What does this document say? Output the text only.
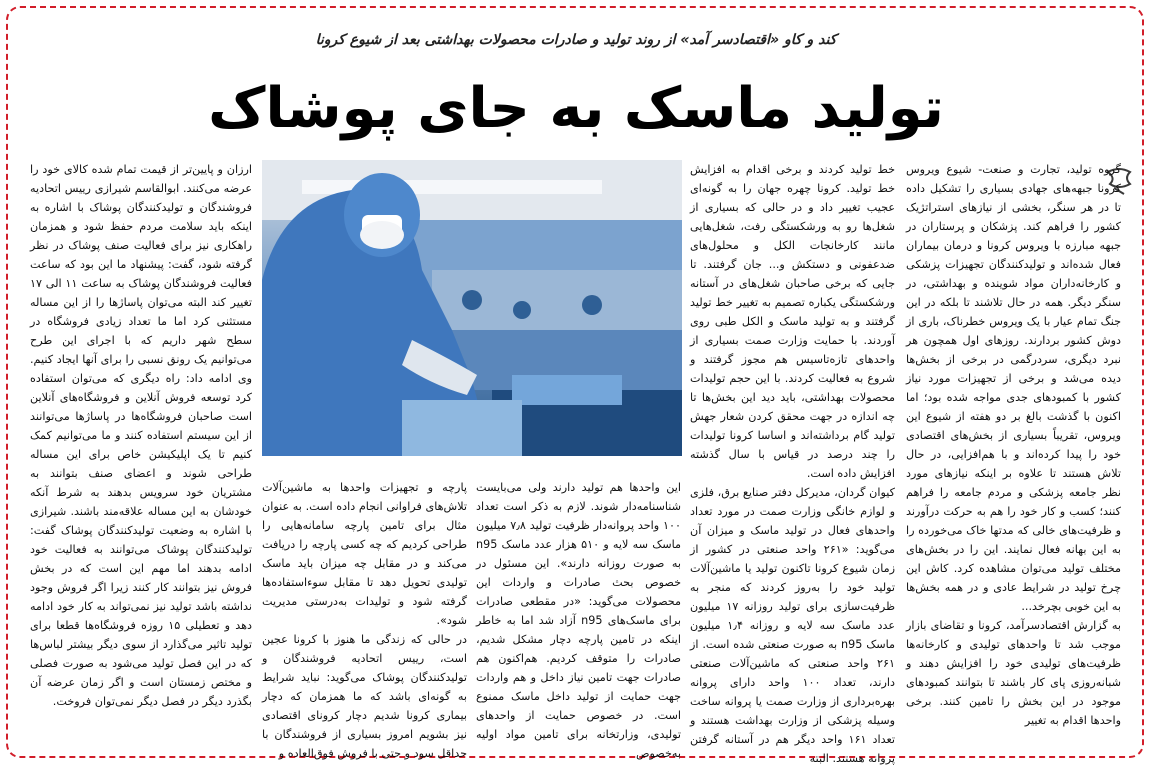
کند و کاو «اقتصادسر آمد» از روند تولید و صادرات محصولات بهداشتی بعد از شیوع کرونا
تولید ماسک به جای پوشاک

گروه تولید، تجارت و صنعت- شیوع ویروس کرونا جبهه‌های جهادی بسیاری را تشکیل داده تا در هر سنگر، بخشی از نیازهای استراتژیک کشور را فراهم کند. پزشکان و پرستاران در جبهه مبارزه با ویروس کرونا و درمان بیماران فعال شده‌اند و تولیدکنندگان تجهیزات پزشکی و کارخانه‌داران مواد شوینده و بهداشتی، در سنگر دیگر. همه در حال تلاشند تا بلکه در این جنگ تمام عیار با یک ویروس خطرناک، باری از دوش کشور بردارند. روزهای اول همچون هر نبرد دیگری، سردرگمی در برخی از بخش‌ها دیده می‌شد و برخی از تجهیزات مورد نیاز کشور با کمبودهای جدی مواجه شده بود؛ اما اکنون با گذشت بالغ بر دو هفته از شیوع این ویروس، تقریباً بسیاری از بخش‌های اقتصادی خود را پیدا کرده‌اند و با هم‌افزایی، در حال تلاش هستند تا علاوه بر اینکه نیازهای مورد نظر جامعه پزشکی و مردم جامعه را فراهم کنند؛ کسب و کار خود را هم به حرکت درآورند و ظرفیت‌های خالی که مدتها خاک می‌خورده را به این بهانه فعال نمایند. این را در بخش‌های مختلف تولید می‌توان مشاهده کرد. کاش این چرخ تولید در شرایط عادی و در همه بخش‌ها به این خوبی بچرخد...
به گزارش اقتصادسرآمد، کرونا و تقاضای بازار موجب شد تا واحدهای تولیدی و کارخانه‌ها ظرفیت‌های تولیدی خود را افزایش دهند و شبانه‌روزی پای کار باشند تا بتوانند کمبودهای موجود در این بخش را تامین کنند. برخی واحدها اقدام به تغییر

خط تولید کردند و برخی اقدام به افزایش خط تولید. کرونا چهره جهان را به گونه‌ای عجیب تغییر داد و در حالی که بسیاری از شغل‌ها رو به ورشکستگی رفت، شغل‌هایی مانند کارخانجات الکل و محلول‌های ضدعفونی و دستکش و... جان گرفتند. تا جایی که برخی صاحبان شغل‌های در آستانه ورشکستگی یکباره تصمیم به تغییر خط تولید گرفتند و به تولید ماسک و الکل طبی روی آوردند. با حمایت وزارت صمت بسیاری از واحدهای تازه‌تاسیس هم مجوز گرفتند و شروع به فعالیت کردند. با این حجم تولیدات محصولات بهداشتی، باید دید این بخش‌ها تا چه اندازه در جهت محقق کردن شعار جهش تولید گام برداشته‌اند و اساسا کرونا تولیدات را چند درصد در قیاس با سال گذشته افزایش داده است.
کیوان گردان، مدیرکل دفتر صنایع برق، فلزی و لوازم خانگی وزارت صمت در مورد تعداد واحدهای فعال در تولید ماسک و میزان آن می‌گوید: «۲۶۱ واحد صنعتی در کشور از زمان شیوع کرونا تاکنون تولید یا ماشین‌آلات تولید خود را به‌روز کردند که منجر به ظرفیت‌سازی برای تولید روزانه ۱۷ میلیون عدد ماسک سه لایه و روزانه ۱٫۴ میلیون ماسک n95 به صورت صنعتی شده است. از ۲۶۱ واحد صنعتی که ماشین‌آلات صنعتی دارند، تعداد ۱۰۰ واحد دارای پروانه بهره‌برداری از وزارت صمت یا پروانه ساخت وسیله پزشکی از وزارت بهداشت هستند و تعداد ۱۶۱ واحد دیگر هم در آستانه گرفتن پروانه هستند. البته

این واحدها هم تولید دارند ولی می‌بایست شناسنامه‌دار شوند. لازم به ذکر است تعداد ۱۰۰ واحد پروانه‌دار ظرفیت تولید ۷٫۸ میلیون ماسک سه لایه و ۵۱۰ هزار عدد ماسک n95 به صورت روزانه دارند». این مسئول در خصوص بحث صادرات و واردات این محصولات می‌گوید: «در مقطعی صادرات برای ماسک‌های n95 آزاد شد اما به خاطر اینکه در تامین پارچه دچار مشکل شدیم، صادرات را متوقف کردیم. هم‌اکنون هم صادرات جهت تامین نیاز داخل و هم واردات جهت حمایت از تولید داخل ماسک ممنوع است. در خصوص حمایت از واحدهای تولیدی، وزارتخانه برای تامین مواد اولیه به‌خصوص

پارچه و تجهیزات واحدها به ماشین‌آلات تلاش‌های فراوانی انجام داده است. به عنوان مثال برای تامین پارچه سامانه‌هایی را طراحی کردیم که چه کسی پارچه را دریافت می‌کند و در مقابل چه میزان باید ماسک تولیدی تحویل دهد تا مقابل سوءاستفاده‌ها گرفته شود و تولیدات به‌درستی مدیریت شود».
در حالی که زندگی ما هنوز با کرونا عجین است، رییس اتحادیه فروشندگان و تولیدکنندگان پوشاک می‌گوید: نباید شرایط به گونه‌ای باشد که ما همزمان که دچار بیماری کرونا شدیم دچار کرونای اقتصادی نیز بشویم امروز بسیاری از فروشندگان با حداقل سود و حتی با فروش فوق‌العاده و

ارزان و پایین‌تر از قیمت تمام شده کالای خود را عرضه می‌کنند. ابوالقاسم شیرازی رییس اتحادیه فروشندگان و تولیدکنندگان پوشاک با اشاره به اینکه باید سلامت مردم حفظ شود و همزمان راهکاری نیز برای فعالیت صنف پوشاک در نظر گرفته شود، گفت: پیشنهاد ما این بود که ساعت فعالیت فروشندگان پوشاک به ساعت ۱۱ الی ۱۷ تغییر کند البته می‌توان پاساژها را از این مساله مستثنی کرد اما ما تعداد زیادی فروشگاه در سطح شهر داریم که با اجرای این طرح می‌توانیم یک رونق نسبی را برای آنها ایجاد کنیم. وی ادامه داد: راه دیگری که می‌توان استفاده کرد توسعه فروش آنلاین و فروشگاه‌های آنلاین است صاحبان فروشگاه‌ها در پاساژها می‌توانند از این سیستم استفاده کنند و ما می‌توانیم کمک کنیم تا یک اپلیکیشن خاص برای این مساله طراحی شوند و اعضای صنف بتوانند به مشتریان خود سرویس بدهند به شرط آنکه خودشان به این مساله علاقه‌مند باشند. شیرازی با اشاره به وضعیت تولیدکنندگان پوشاک گفت: تولیدکنندگان پوشاک می‌توانند به فعالیت خود ادامه بدهند اما مهم این است که در بخش فروش نیز بتوانند کار کنند زیرا اگر فروش وجود نداشته باشد تولید نیز نمی‌تواند به کار خود ادامه دهد و تعطیلی ۱۵ روزه فروشگاه‌ها قطعا برای تولید تاثیر می‌گذارد از سوی دیگر بیشتر لباس‌ها که در این فصل تولید می‌شود به صورت فصلی و مختص زمستان است و اگر زمان عرضه آن بگذرد دیگر در فصل دیگر نمی‌توان فروخت.
